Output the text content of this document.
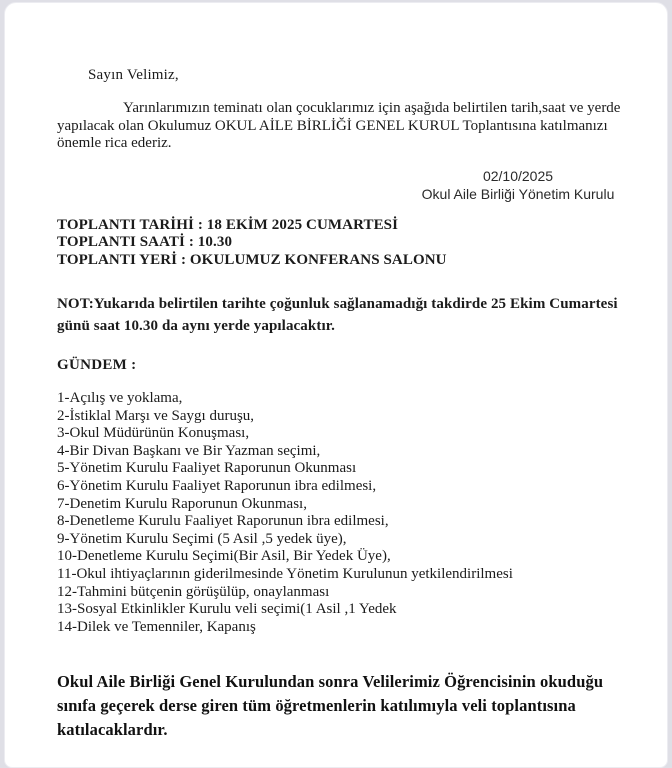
Sayın Velimiz,
Yarınlarımızın teminatı olan çocuklarımız için aşağıda belirtilen tarih,saat ve yerde yapılacak olan Okulumuz OKUL AİLE BİRLİĞİ GENEL KURUL Toplantısına katılmanızı önemle rica ederiz.
02/10/2025
Okul Aile Birliği Yönetim Kurulu
TOPLANTI TARİHİ : 18 EKİM 2025 CUMARTESİ
TOPLANTI SAATİ : 10.30
TOPLANTI YERİ : OKULUMUZ KONFERANS SALONU
NOT:Yukarıda belirtilen tarihte çoğunluk sağlanamadığı takdirde 25 Ekim Cumartesi günü saat 10.30 da aynı yerde yapılacaktır.
GÜNDEM :
1-Açılış ve yoklama,
2-İstiklal Marşı ve Saygı duruşu,
3-Okul Müdürünün Konuşması,
4-Bir Divan Başkanı ve Bir Yazman seçimi,
5-Yönetim Kurulu Faaliyet Raporunun Okunması
6-Yönetim Kurulu Faaliyet Raporunun ibra edilmesi,
7-Denetim Kurulu Raporunun Okunması,
8-Denetleme Kurulu Faaliyet Raporunun ibra edilmesi,
9-Yönetim Kurulu Seçimi (5 Asil ,5 yedek üye),
10-Denetleme Kurulu Seçimi(Bir Asil, Bir Yedek Üye),
11-Okul ihtiyaçlarının giderilmesinde Yönetim Kurulunun yetkilendirilmesi
12-Tahmini bütçenin görüşülüp, onaylanması
13-Sosyal Etkinlikler Kurulu veli seçimi(1 Asil ,1 Yedek
14-Dilek ve Temenniler, Kapanış
Okul Aile Birliği Genel Kurulundan sonra Velilerimiz Öğrencisinin okuduğu sınıfa geçerek derse giren tüm öğretmenlerin katılımıyla veli toplantısına katılacaklardır.
